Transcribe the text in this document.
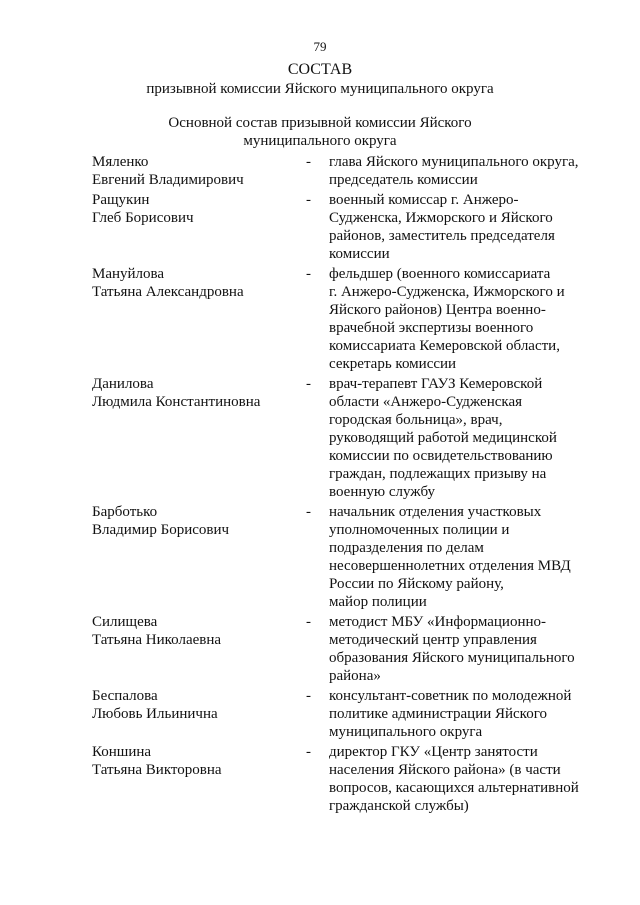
79
СОСТАВ
призывной комиссии Яйского муниципального округа
Основной состав призывной комиссии Яйского
муниципального округа
Мяленко
Евгений Владимирович
- глава Яйского муниципального округа,
председатель комиссии
Ращукин
Глеб Борисович
- военный комиссар г. Анжеро-
Судженска, Ижморского и Яйского
районов, заместитель председателя
комиссии
Мануйлова
Татьяна Александровна
- фельдшер (военного комиссариата
г. Анжеро-Судженска, Ижморского и
Яйского районов) Центра военно-
врачебной экспертизы военного
комиссариата Кемеровской области,
секретарь комиссии
Данилова
Людмила Константиновна
- врач-терапевт ГАУЗ Кемеровской
области «Анжеро-Судженская
городская больница», врач,
руководящий работой медицинской
комиссии по освидетельствованию
граждан, подлежащих призыву на
военную службу
Барботько
Владимир Борисович
- начальник отделения участковых
уполномоченных полиции и
подразделения по делам
несовершеннолетних отделения МВД
России по Яйскому району,
майор полиции
Силищева
Татьяна Николаевна
- методист МБУ «Информационно-
методический центр управления
образования Яйского муниципального
района»
Беспалова
Любовь Ильинична
- консультант-советник по молодежной
политике администрации Яйского
муниципального округа
Коншина
Татьяна Викторовна
- директор ГКУ «Центр занятости
населения Яйского района» (в части
вопросов, касающихся альтернативной
гражданской службы)
